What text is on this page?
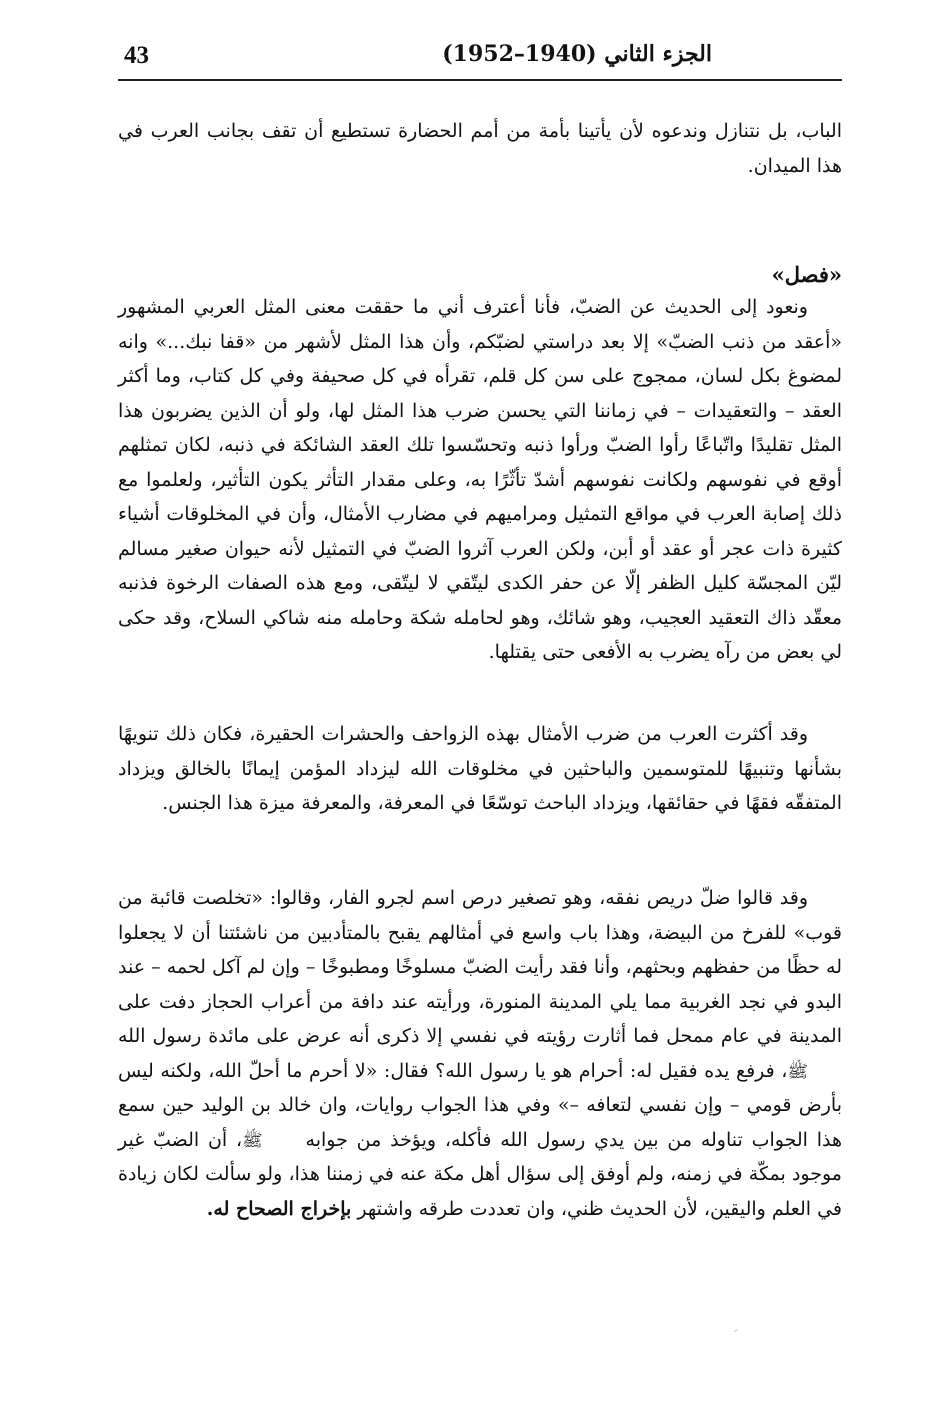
43	الجزء الثاني (1940–1952)

الباب، بل نتنازل وندعوه لأن يأتينا بأمة من أمم الحضارة تستطيع أن تقف بجانب العرب في هذا الميدان.

«فصل»

ونعود إلى الحديث عن الضبّ، فأنا أعترف أني ما حققت معنى المثل العربي المشهور «أعقد من ذنب الضبّ» إلا بعد دراستي لضبّكم، وأن هذا المثل لأشهر من «قفا نبك...» وانه لمضوغ بكل لسان، ممجوج على سن كل قلم، تقرأه في كل صحيفة وفي كل كتاب، وما أكثر العقد – والتعقيدات – في زماننا التي يحسن ضرب هذا المثل لها، ولو أن الذين يضربون هذا المثل تقليدًا واتّباعًا رأوا الضبّ ورأوا ذنبه وتحسّسوا تلك العقد الشائكة في ذنبه، لكان تمثلهم أوقع في نفوسهم ولكانت نفوسهم أشدّ تأثّرًا به، وعلى مقدار التأثر يكون التأثير، ولعلموا مع ذلك إصابة العرب في مواقع التمثيل ومراميهم في مضارب الأمثال، وأن في المخلوقات أشياء كثيرة ذات عجر أو عقد أو أبن، ولكن العرب آثروا الضبّ في التمثيل لأنه حيوان صغير مسالم ليّن المجسّة كليل الظفر إلّا عن حفر الكدى ليتّقي لا ليتّقى، ومع هذه الصفات الرخوة فذنبه معقّد ذاك التعقيد العجيب، وهو شائك، وهو لحامله شكة وحامله منه شاكي السلاح، وقد حكى لي بعض من رآه يضرب به الأفعى حتى يقتلها.

وقد أكثرت العرب من ضرب الأمثال بهذه الزواحف والحشرات الحقيرة، فكان ذلك تنويهًا بشأنها وتنبيهًا للمتوسمين والباحثين في مخلوقات الله ليزداد المؤمن إيمانًا بالخالق ويزداد المتفقّه فقهًا في حقائقها، ويزداد الباحث توسّعًا في المعرفة، والمعرفة ميزة هذا الجنس.

وقد قالوا ضلّ دريص نفقه، وهو تصغير درص اسم لجرو الفار، وقالوا: «تخلصت قائبة من قوب» للفرخ من البيضة، وهذا باب واسع في أمثالهم يقبح بالمتأدبين من ناشئتنا أن لا يجعلوا له حظًا من حفظهم وبحثهم، وأنا فقد رأيت الضبّ مسلوخًا ومطبوخًا – وإن لم آكل لحمه – عند البدو في نجد الغربية مما يلي المدينة المنورة، ورأيته عند دافة من أعراب الحجاز دفت على المدينة في عام ممحل فما أثارت رؤيته في نفسي إلا ذكرى أنه عرض على مائدة رسول الله ﷺ، فرفع يده فقيل له: أحرام هو يا رسول الله؟ فقال: «لا أحرم ما أحلّ الله، ولكنه ليس بأرض قومي – وإن نفسي لتعافه –» وفي هذا الجواب روايات، وان خالد بن الوليد حين سمع هذا الجواب تناوله من بين يدي رسول الله فأكله، ويؤخذ من جوابه ﷺ، أن الضبّ غير موجود بمكّة في زمنه، ولم أوفق إلى سؤال أهل مكة عنه في زمننا هذا، ولو سألت لكان زيادة في العلم واليقين، لأن الحديث ظني، وان تعددت طرقه واشتهر بإخراج الصحاح له.
